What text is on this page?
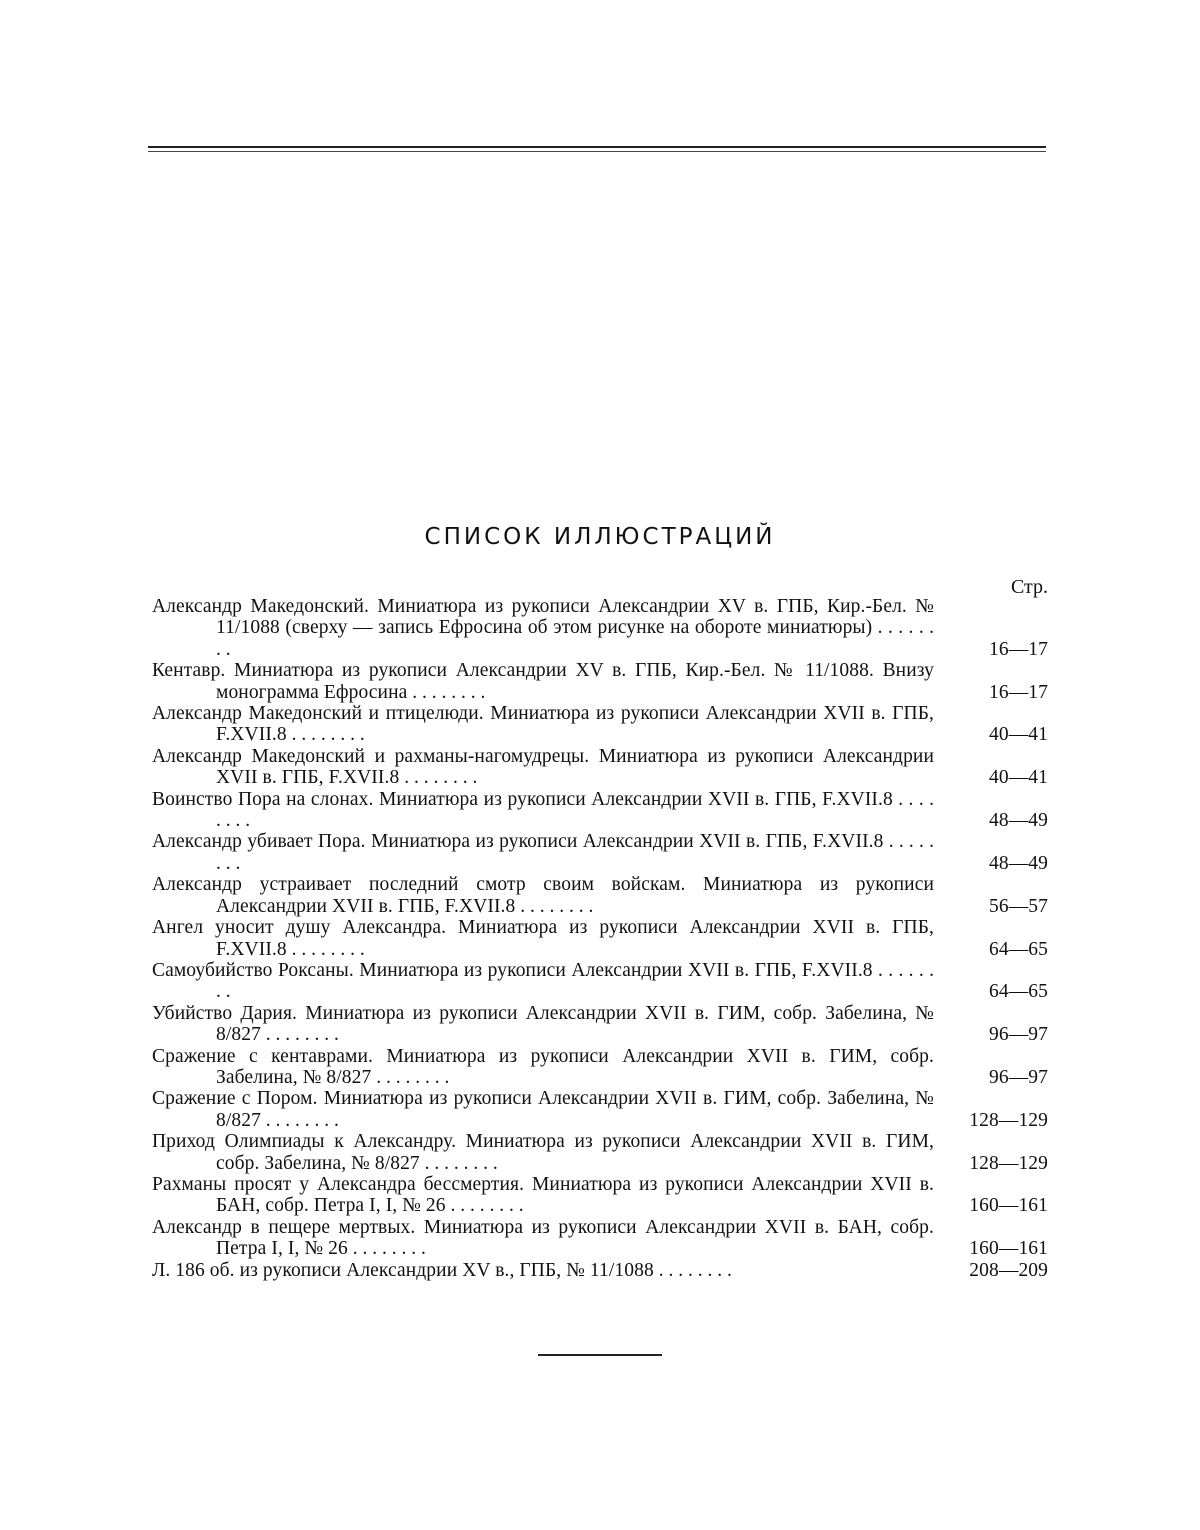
СПИСОК ИЛЛЮСТРАЦИЙ
Стр.
Александр Македонский. Миниатюра из рукописи Александрии XV в. ГПБ, Кир.-Бел. № 11/1088 (сверху — запись Ефросина об этом рисунке на обороте миниатюры) . . . . . . . .	16—17
Кентавр. Миниатюра из рукописи Александрии XV в. ГПБ, Кир.-Бел. № 11/1088. Внизу монограмма Ефросина . . . . . . . .	16—17
Александр Македонский и птицелюди. Миниатюра из рукописи Александрии XVII в. ГПБ, F.XVII.8 . . . . . . . .	40—41
Александр Македонский и рахманы-нагомудрецы. Миниатюра из рукописи Александрии XVII в. ГПБ, F.XVII.8 . . . . . . . .	40—41
Воинство Пора на слонах. Миниатюра из рукописи Александрии XVII в. ГПБ, F.XVII.8 . . . . . . . .	48—49
Александр убивает Пора. Миниатюра из рукописи Александрии XVII в. ГПБ, F.XVII.8 . . . . . . . .	48—49
Александр устраивает последний смотр своим войскам. Миниатюра из рукописи Александрии XVII в. ГПБ, F.XVII.8 . . . . . . . .	56—57
Ангел уносит душу Александра. Миниатюра из рукописи Александрии XVII в. ГПБ, F.XVII.8 . . . . . . . .	64—65
Самоубийство Роксаны. Миниатюра из рукописи Александрии XVII в. ГПБ, F.XVII.8 . . . . . . . .	64—65
Убийство Дария. Миниатюра из рукописи Александрии XVII в. ГИМ, собр. Забелина, № 8/827 . . . . . . . .	96—97
Сражение с кентаврами. Миниатюра из рукописи Александрии XVII в. ГИМ, собр. Забелина, № 8/827 . . . . . . . .	96—97
Сражение с Пором. Миниатюра из рукописи Александрии XVII в. ГИМ, собр. Забелина, № 8/827 . . . . . . . .	128—129
Приход Олимпиады к Александру. Миниатюра из рукописи Александрии XVII в. ГИМ, собр. Забелина, № 8/827 . . . . . . . .	128—129
Рахманы просят у Александра бессмертия. Миниатюра из рукописи Александрии XVII в. БАН, собр. Петра I, I, № 26 . . . . . . . .	160—161
Александр в пещере мертвых. Миниатюра из рукописи Александрии XVII в. БАН, собр. Петра I, I, № 26 . . . . . . . .	160—161
Л. 186 об. из рукописи Александрии XV в., ГПБ, № 11/1088 . . . . . . . .	208—209
